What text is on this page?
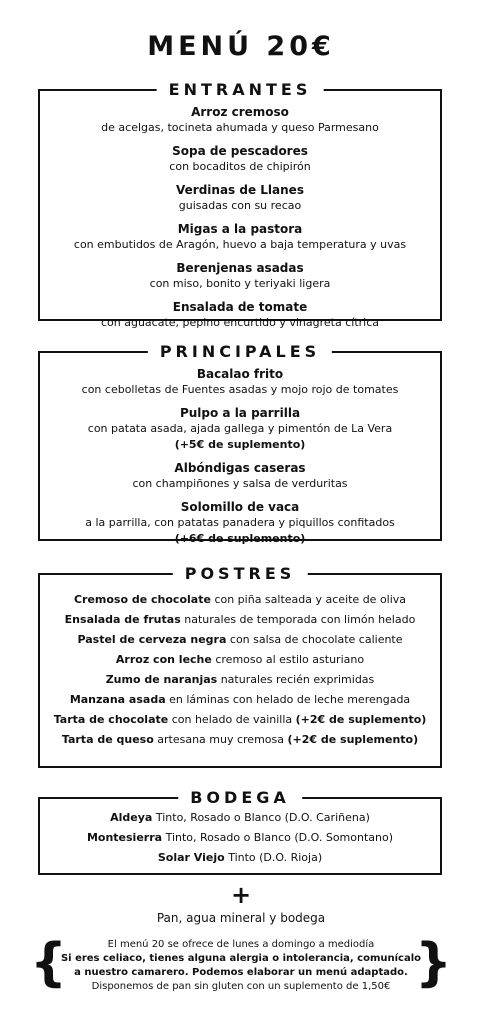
MENÚ 20€
ENTRANTES
Arroz cremoso
de acelgas, tocineta ahumada y queso Parmesano
Sopa de pescadores
con bocaditos de chipirón
Verdinas de Llanes
guisadas con su recao
Migas a la pastora
con embutidos de Aragón, huevo a baja temperatura y uvas
Berenjenas asadas
con miso, bonito y teriyaki ligera
Ensalada de tomate
con aguacate, pepino encurtido y vinagreta cítrica
PRINCIPALES
Bacalao frito
con cebolletas de Fuentes asadas y mojo rojo de tomates
Pulpo a la parrilla
con patata asada, ajada gallega y pimentón de La Vera
(+5€ de suplemento)
Albóndigas caseras
con champiñones y salsa de verduritas
Solomillo de vaca
a la parrilla, con patatas panadera y piquillos confitados
(+6€ de suplemento)
POSTRES
Cremoso de chocolate con piña salteada y aceite de oliva
Ensalada de frutas naturales de temporada con limón helado
Pastel de cerveza negra con salsa de chocolate caliente
Arroz con leche cremoso al estilo asturiano
Zumo de naranjas naturales recién exprimidas
Manzana asada en láminas con helado de leche merengada
Tarta de chocolate con helado de vainilla (+2€ de suplemento)
Tarta de queso artesana muy cremosa (+2€ de suplemento)
BODEGA
Aldeya Tinto, Rosado o Blanco (D.O. Cariñena)
Montesierra Tinto, Rosado o Blanco (D.O. Somontano)
Solar Viejo Tinto (D.O. Rioja)
+
Pan, agua mineral y bodega
{	El menú 20 se ofrece de lunes a domingo a mediodía
Si eres celiaco, tienes alguna alergia o intolerancia, comunícalo
a nuestro camarero. Podemos elaborar un menú adaptado.
Disponemos de pan sin gluten con un suplemento de 1,50€ }
